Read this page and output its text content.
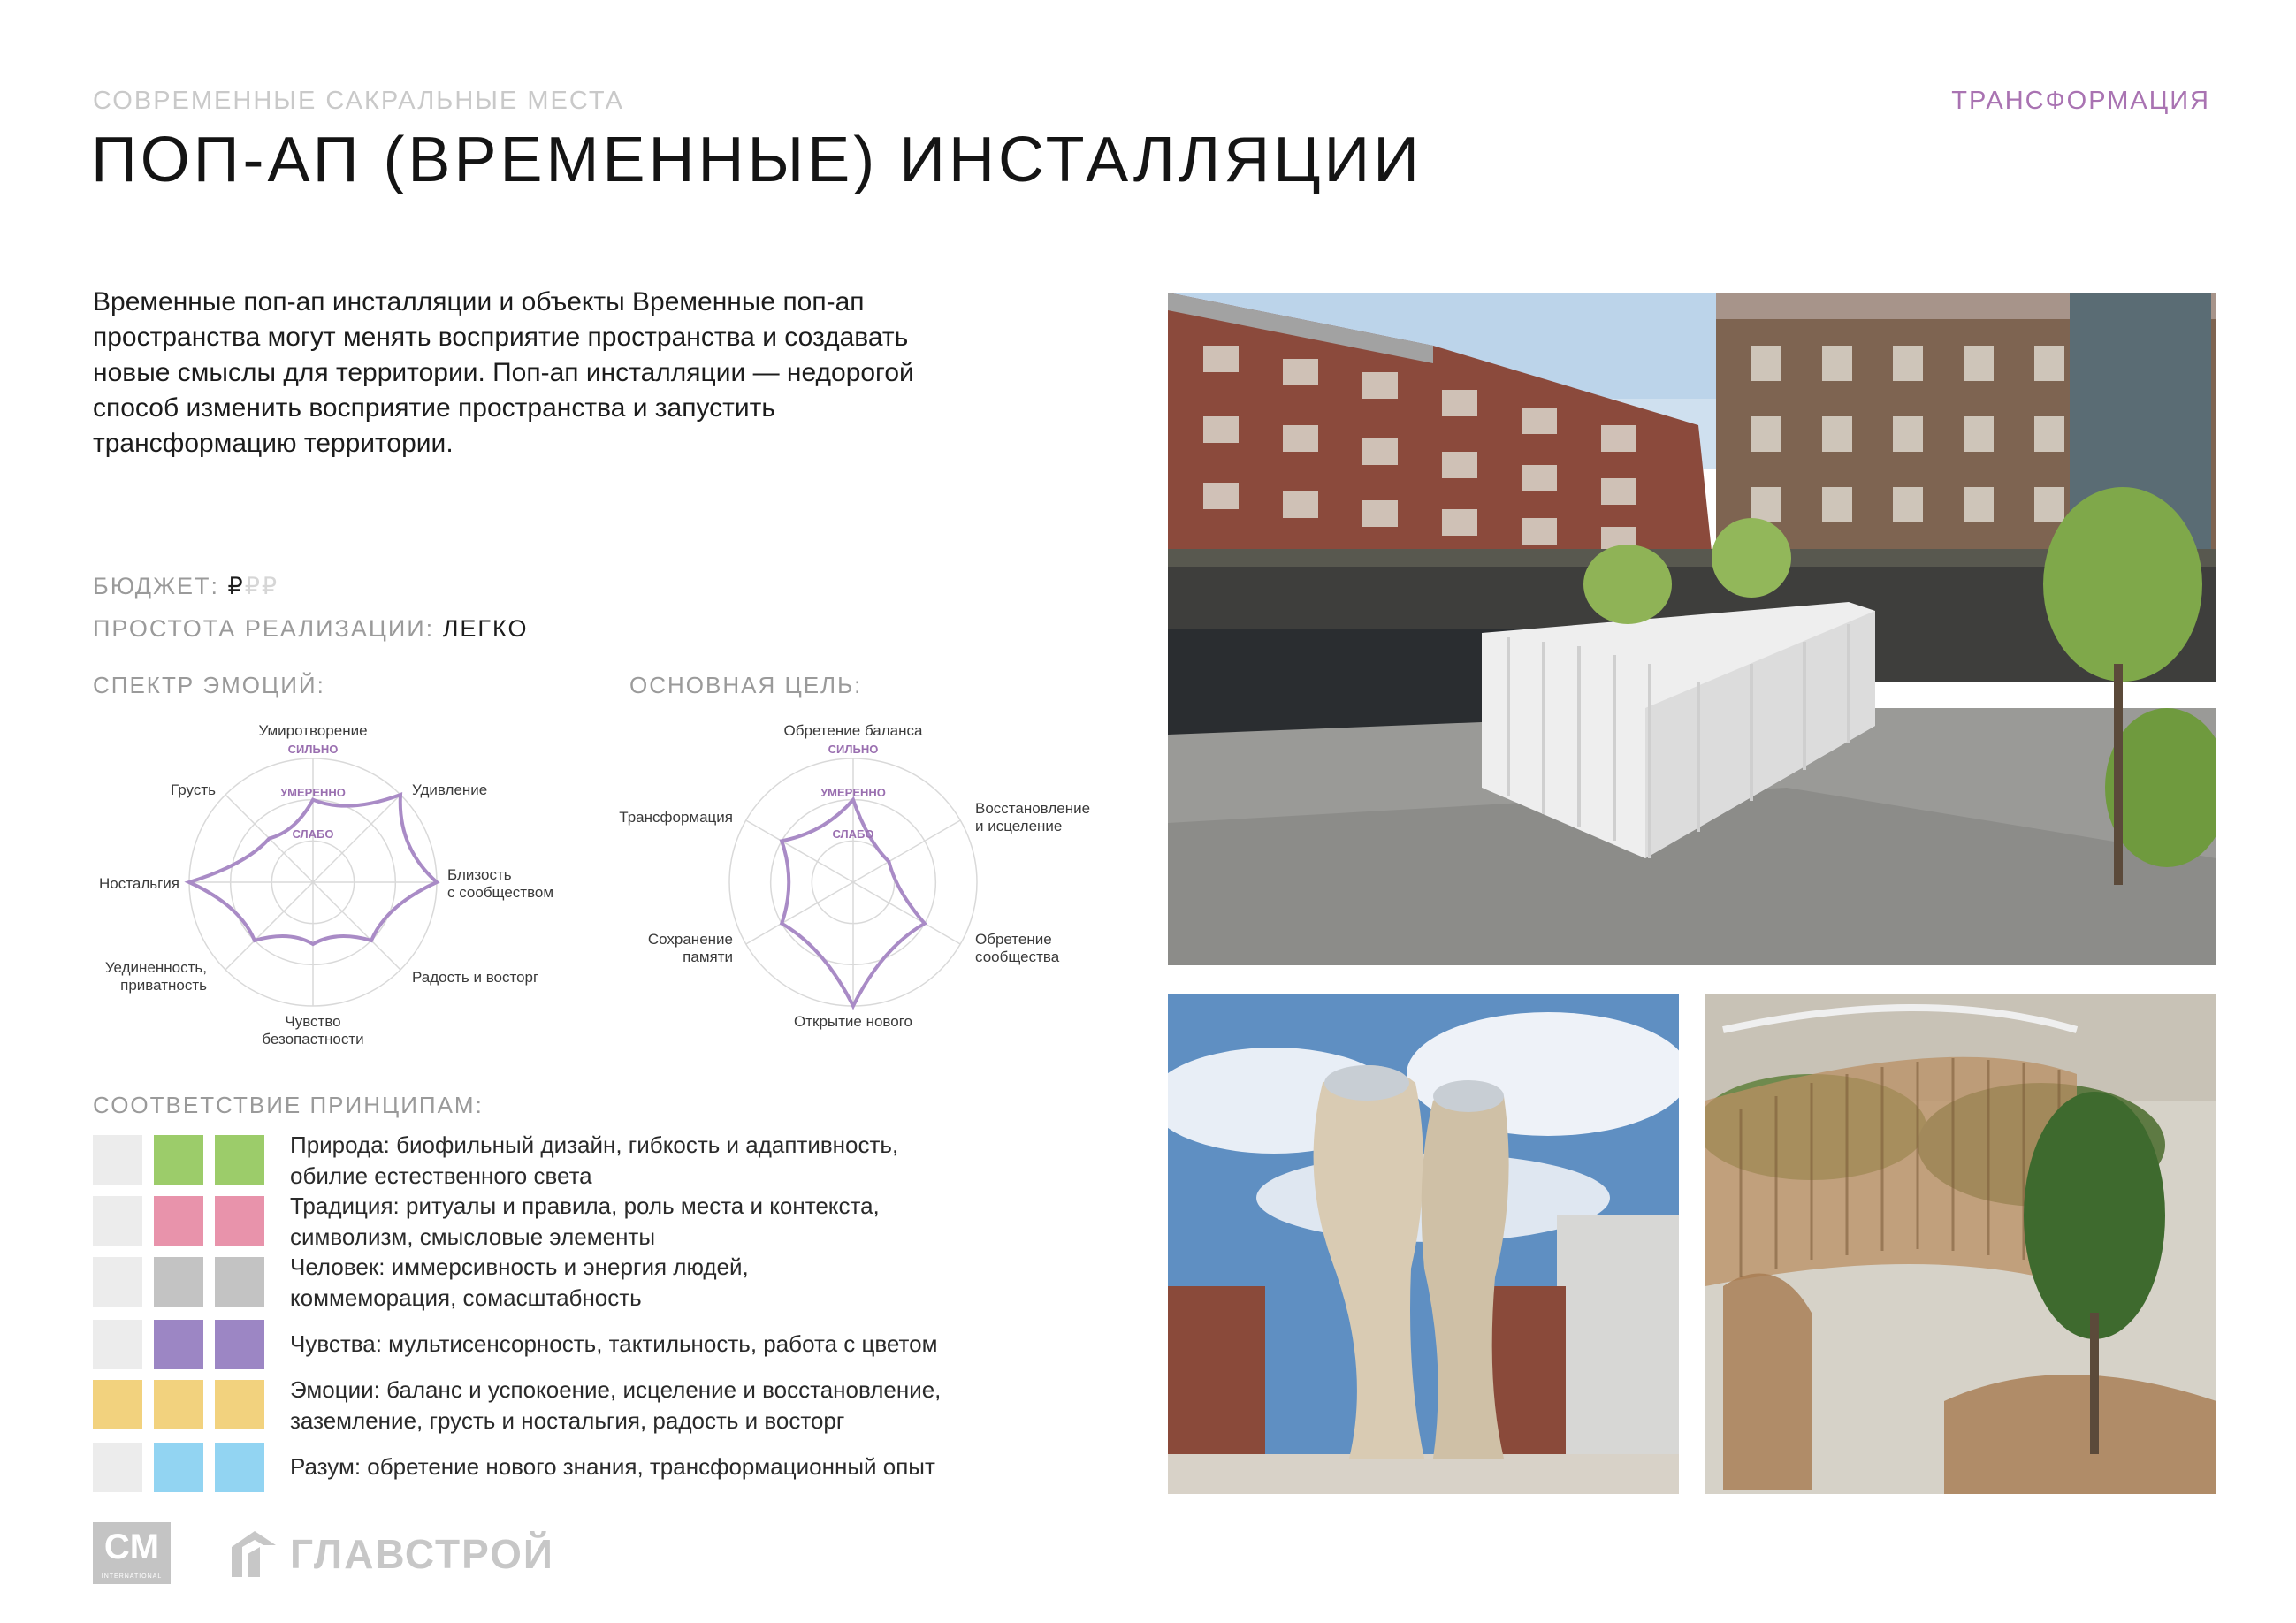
СОВРЕМЕННЫЕ САКРАЛЬНЫЕ МЕСТА	ТРАНСФОРМАЦИЯ
ПОП-АП (ВРЕМЕННЫЕ) ИНСТАЛЛЯЦИИ
Временные поп-ап инсталляции и объекты Временные поп-ап
пространства могут менять восприятие пространства и создавать
новые смыслы для территории. Поп-ап инсталляции — недорогой
способ изменить восприятие пространства и запустить
трансформацию территории.
БЮДЖЕТ: ₽₽₽
ПРОСТОТА РЕАЛИЗАЦИИ: ЛЕГКО
СПЕКТР ЭМОЦИЙ:	ОСНОВНАЯ ЦЕЛЬ:
СИЛЬНО
УМЕРЕННО
СЛАБО
Умиротворение
Удивление
Близость
с сообществом
Радость и восторг
Чувство
безопастности
Уединенность,
приватность
Ностальгия
Грусть
СИЛЬНО
УМЕРЕННО
СЛАБО
Обретение баланса
Восстановление
и исцеление
Обретение
сообщества
Открытие нового
Сохранение
памяти
Трансформация
СООТВЕТСТВИЕ ПРИНЦИПАМ:
Природа: биофильный дизайн, гибкость и адаптивность,
обилие естественного света
Традиция: ритуалы и правила, роль места и контекста,
символизм, смысловые элементы
Человек: иммерсивность и энергия людей,
коммеморация, сомасштабность
Чувства: мультисенсорность, тактильность, работа с цветом
Эмоции: баланс и успокоение, исцеление и восстановление,
заземление, грусть и ностальгия, радость и восторг
Разум: обретение нового знания, трансформационный опыт
CM
INTERNATIONAL	ГЛАВСТРОЙ
